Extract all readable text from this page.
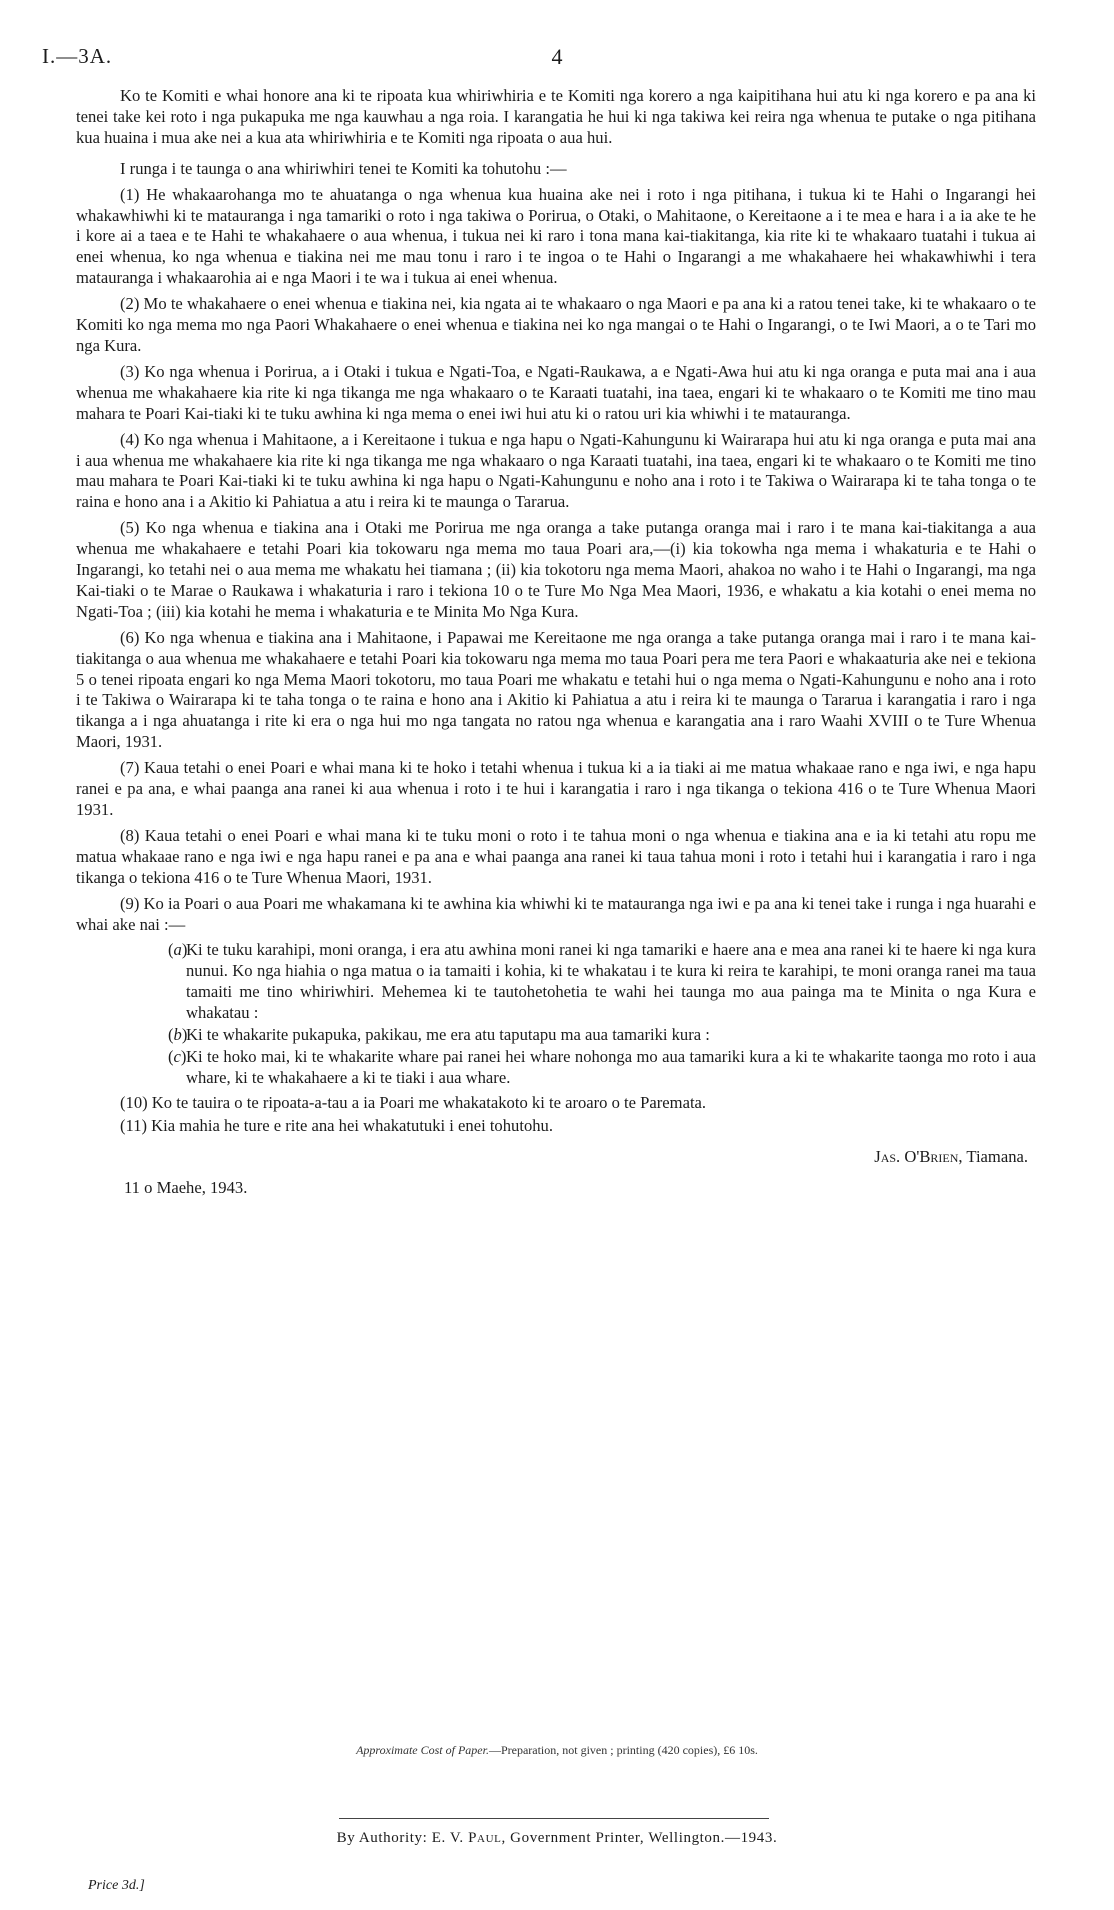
I.—3A.	4

Ko te Komiti e whai honore ana ki te ripoata kua whiriwhiria e te Komiti nga korero a nga kaipitihana hui atu ki nga korero e pa ana ki tenei take kei roto i nga pukapuka me nga kauwhau a nga roia. I karangatia he hui ki nga takiwa kei reira nga whenua te putake o nga pitihana kua huaina i mua ake nei a kua ata whiriwhiria e te Komiti nga ripoata o aua hui.

I runga i te taunga o ana whiriwhiri tenei te Komiti ka tohutohu :—

(1) He whakaarohanga mo te ahuatanga o nga whenua kua huaina ake nei i roto i nga pitihana, i tukua ki te Hahi o Ingarangi hei whakawhiwhi ki te matauranga i nga tamariki o roto i nga takiwa o Porirua, o Otaki, o Mahitaone, o Kereitaone a i te mea e hara i a ia ake te he i kore ai a taea e te Hahi te whakahaere o aua whenua, i tukua nei ki raro i tona mana kai-tiakitanga, kia rite ki te whakaaro tuatahi i tukua ai enei whenua, ko nga whenua e tiakina nei me mau tonu i raro i te ingoa o te Hahi o Ingarangi a me whakahaere hei whakawhiwhi i tera matauranga i whakaarohia ai e nga Maori i te wa i tukua ai enei whenua.

(2) Mo te whakahaere o enei whenua e tiakina nei, kia ngata ai te whakaaro o nga Maori e pa ana ki a ratou tenei take, ki te whakaaro o te Komiti ko nga mema mo nga Paori Whakahaere o enei whenua e tiakina nei ko nga mangai o te Hahi o Ingarangi, o te Iwi Maori, a o te Tari mo nga Kura.

(3) Ko nga whenua i Porirua, a i Otaki i tukua e Ngati-Toa, e Ngati-Raukawa, a e Ngati-Awa hui atu ki nga oranga e puta mai ana i aua whenua me whakahaere kia rite ki nga tikanga me nga whakaaro o te Karaati tuatahi, ina taea, engari ki te whakaaro o te Komiti me tino mau mahara te Poari Kai-tiaki ki te tuku awhina ki nga mema o enei iwi hui atu ki o ratou uri kia whiwhi i te matauranga.

(4) Ko nga whenua i Mahitaone, a i Kereitaone i tukua e nga hapu o Ngati-Kahungunu ki Wairarapa hui atu ki nga oranga e puta mai ana i aua whenua me whakahaere kia rite ki nga tikanga me nga whakaaro o nga Karaati tuatahi, ina taea, engari ki te whakaaro o te Komiti me tino mau mahara te Poari Kai-tiaki ki te tuku awhina ki nga hapu o Ngati-Kahungunu e noho ana i roto i te Takiwa o Wairarapa ki te taha tonga o te raina e hono ana i a Akitio ki Pahiatua a atu i reira ki te maunga o Tararua.

(5) Ko nga whenua e tiakina ana i Otaki me Porirua me nga oranga a take putanga oranga mai i raro i te mana kai-tiakitanga a aua whenua me whakahaere e tetahi Poari kia tokowaru nga mema mo taua Poari ara,—(i) kia tokowha nga mema i whakaturia e te Hahi o Ingarangi, ko tetahi nei o aua mema me whakatu hei tiamana ; (ii) kia tokotoru nga mema Maori, ahakoa no waho i te Hahi o Ingarangi, ma nga Kai-tiaki o te Marae o Raukawa i whakaturia i raro i tekiona 10 o te Ture Mo Nga Mea Maori, 1936, e whakatu a kia kotahi o enei mema no Ngati-Toa ; (iii) kia kotahi he mema i whakaturia e te Minita Mo Nga Kura.

(6) Ko nga whenua e tiakina ana i Mahitaone, i Papawai me Kereitaone me nga oranga a take putanga oranga mai i raro i te mana kai-tiakitanga o aua whenua me whakahaere e tetahi Poari kia tokowaru nga mema mo taua Poari pera me tera Paori e whakaaturia ake nei e tekiona 5 o tenei ripoata engari ko nga Mema Maori tokotoru, mo taua Poari me whakatu e tetahi hui o nga mema o Ngati-Kahungunu e noho ana i roto i te Takiwa o Wairarapa ki te taha tonga o te raina e hono ana i Akitio ki Pahiatua a atu i reira ki te maunga o Tararua i karangatia i raro i nga tikanga a i nga ahuatanga i rite ki era o nga hui mo nga tangata no ratou nga whenua e karangatia ana i raro Waahi XVIII o te Ture Whenua Maori, 1931.

(7) Kaua tetahi o enei Poari e whai mana ki te hoko i tetahi whenua i tukua ki a ia tiaki ai me matua whakaae rano e nga iwi, e nga hapu ranei e pa ana, e whai paanga ana ranei ki aua whenua i roto i te hui i karangatia i raro i nga tikanga o tekiona 416 o te Ture Whenua Maori 1931.

(8) Kaua tetahi o enei Poari e whai mana ki te tuku moni o roto i te tahua moni o nga whenua e tiakina ana e ia ki tetahi atu ropu me matua whakaae rano e nga iwi e nga hapu ranei e pa ana e whai paanga ana ranei ki taua tahua moni i roto i tetahi hui i karangatia i raro i nga tikanga o tekiona 416 o te Ture Whenua Maori, 1931.

(9) Ko ia Poari o aua Poari me whakamana ki te awhina kia whiwhi ki te matauranga nga iwi e pa ana ki tenei take i runga i nga huarahi e whai ake nai :—

(a)
Ki te tuku karahipi, moni oranga, i era atu awhina moni ranei ki nga tamariki e haere ana e mea ana ranei ki te haere ki nga kura nunui. Ko nga hiahia o nga matua o ia tamaiti i kohia, ki te whakatau i te kura ki reira te karahipi, te moni oranga ranei ma taua tamaiti me tino whiriwhiri. Mehemea ki te tautohetohetia te wahi hei taunga mo aua painga ma te Minita o nga Kura e whakatau :
(b)
Ki te whakarite pukapuka, pakikau, me era atu taputapu ma aua tamariki kura :
(c) Ki te hoko mai, ki te whakarite whare pai ranei hei whare nohonga mo aua tamariki kura a ki te whakarite taonga mo roto i aua whare, ki te whakahaere a ki te tiaki i aua whare.

(10) Ko te tauira o te ripoata-a-tau a ia Poari me whakatakoto ki te aroaro o te Paremata.

(11) Kia mahia he ture e rite ana hei whakatutuki i enei tohutohu.

Jas. O'Brien, Tiamana.
11 o Maehe, 1943.
Approximate Cost of Paper.—Preparation, not given ; printing (420 copies), £6 10s.
By Authority: E. V. Paul, Government Printer, Wellington.—1943.
Price 3d.]
